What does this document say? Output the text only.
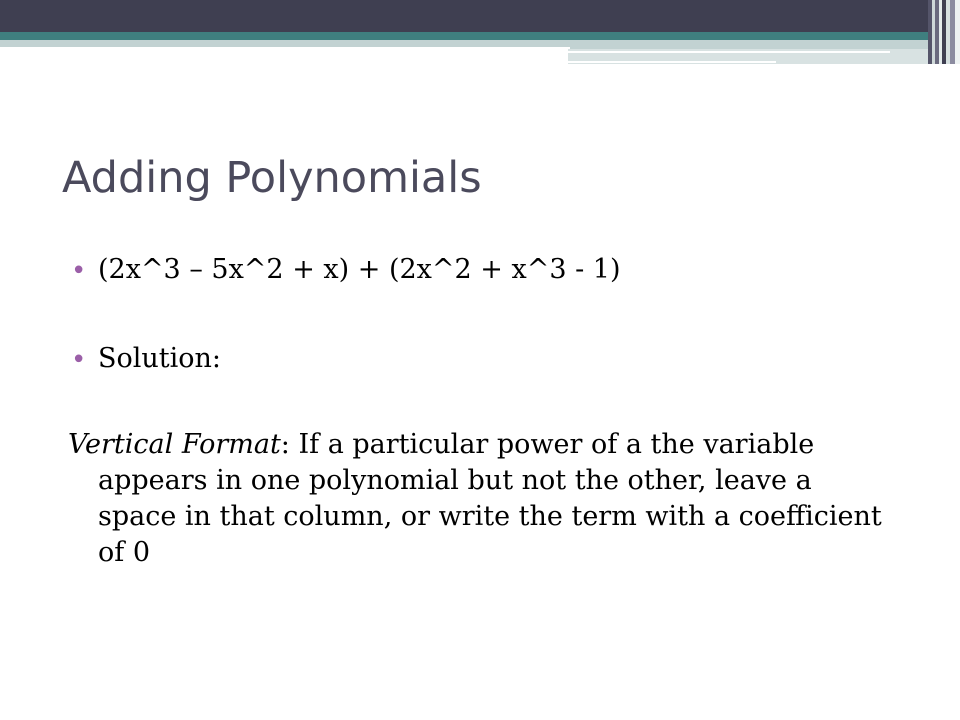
Adding Polynomials
• (2x^3 – 5x^2 + x) + (2x^2 + x^3 - 1)
• Solution:
Vertical Format: If a particular power of a the variable appears in one polynomial but not the other, leave a space in that column, or write the term with a coefficient of 0
